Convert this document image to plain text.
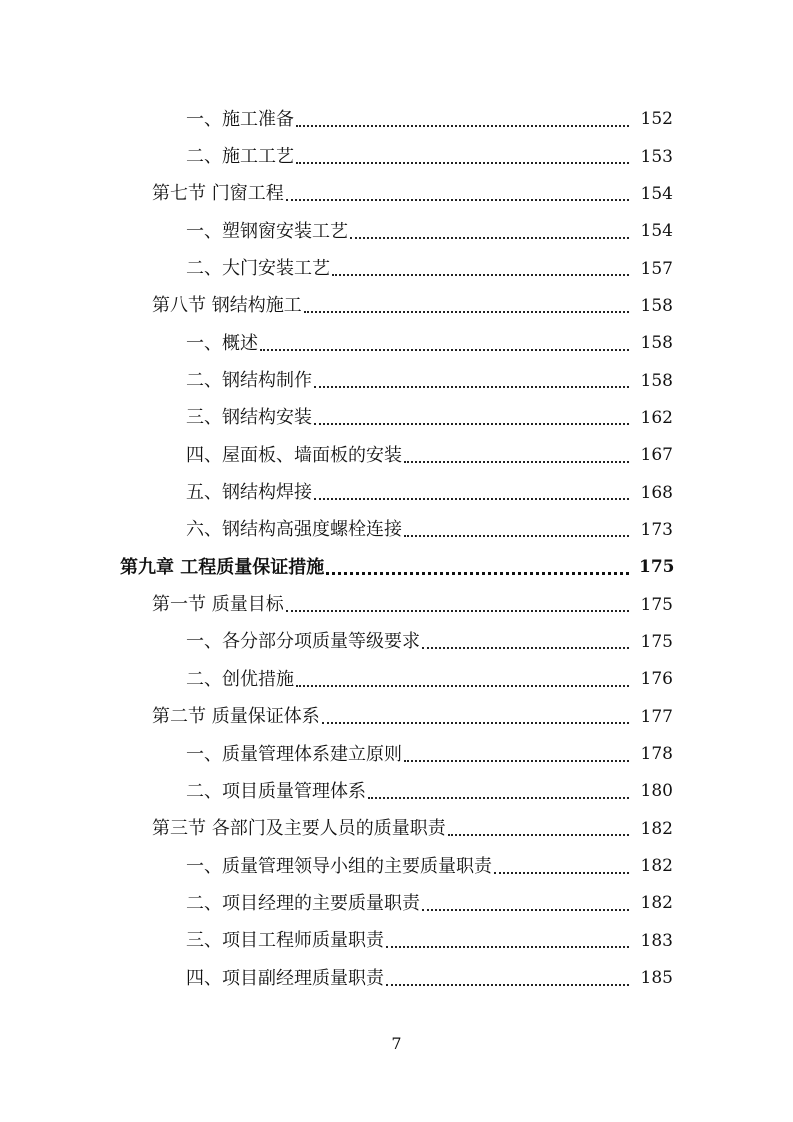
一、施工准备	152
二、施工工艺	153
第七节 门窗工程	154
一、塑钢窗安装工艺	154
二、大门安装工艺	157
第八节 钢结构施工	158
一、概述	158
二、钢结构制作	158
三、钢结构安装	162
四、屋面板、墙面板的安装	167
五、钢结构焊接	168
六、钢结构高强度螺栓连接	173
第九章 工程质量保证措施	175
第一节 质量目标	175
一、各分部分项质量等级要求	175
二、创优措施	176
第二节 质量保证体系	177
一、质量管理体系建立原则	178
二、项目质量管理体系	180
第三节 各部门及主要人员的质量职责	182
一、质量管理领导小组的主要质量职责	182
二、项目经理的主要质量职责	182
三、项目工程师质量职责	183
四、项目副经理质量职责	185
7
